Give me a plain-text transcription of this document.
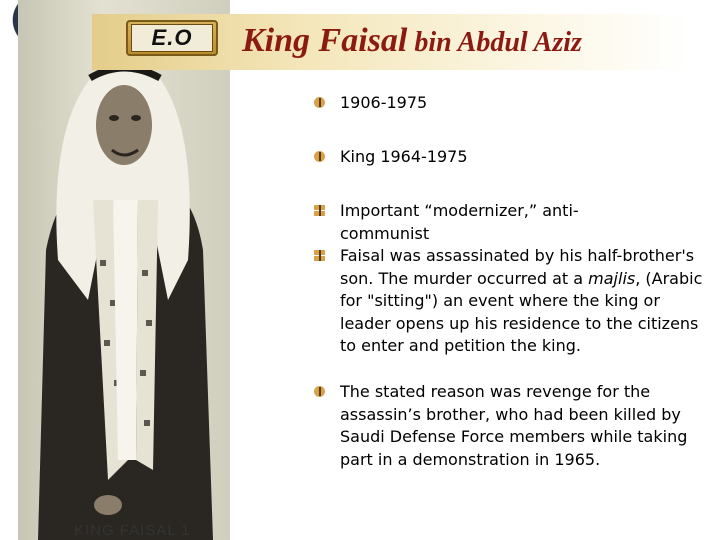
KING FAISAL 1
E.O King Faisal bin Abdul Aziz
1906-1975
King 1964-1975
Important “modernizer,” anti-communist
Faisal was assassinated by his half-brother's son. The murder occurred at a majlis, (Arabic for "sitting") an event where the king or leader opens up his residence to the citizens to enter and petition the king.
The stated reason was revenge for the assassin’s brother, who had been killed by Saudi Defense Force members while taking part in a demonstration in 1965.
